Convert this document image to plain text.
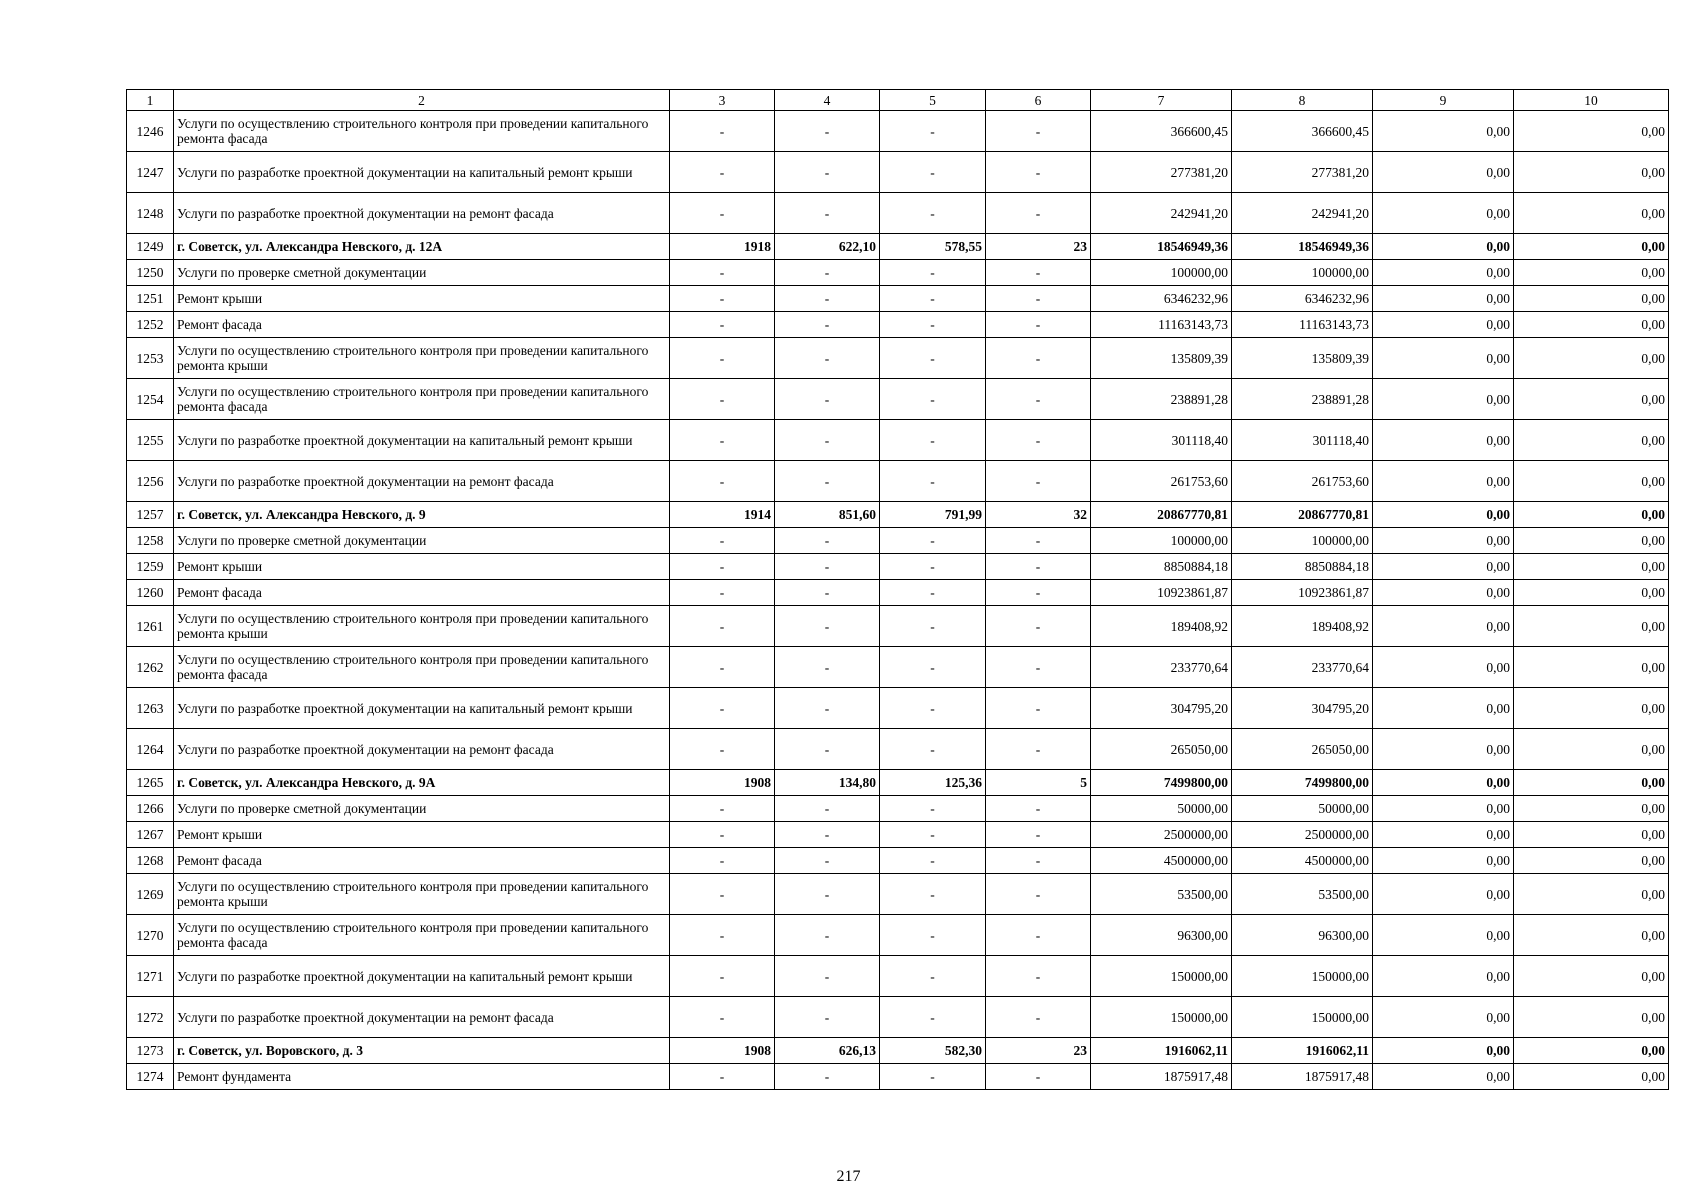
1	2	3	4	5	6	7	8	9	10
1246	Услуги по осуществлению строительного контроля при проведении капитального ремонта фасада	-	-	-	-	366600,45	366600,45	0,00	0,00
1247	Услуги по разработке проектной документации на капитальный ремонт крыши	-	-	-	-	277381,20	277381,20	0,00	0,00
1248	Услуги по разработке проектной документации на ремонт фасада	-	-	-	-	242941,20	242941,20	0,00	0,00
1249	г. Советск, ул. Александра Невского, д. 12А	1918	622,10	578,55	23	18546949,36	18546949,36	0,00	0,00
1250	Услуги по проверке сметной документации	-	-	-	-	100000,00	100000,00	0,00	0,00
1251	Ремонт крыши	-	-	-	-	6346232,96	6346232,96	0,00	0,00
1252	Ремонт фасада	-	-	-	-	11163143,73	11163143,73	0,00	0,00
1253	Услуги по осуществлению строительного контроля при проведении капитального ремонта крыши	-	-	-	-	135809,39	135809,39	0,00	0,00
1254	Услуги по осуществлению строительного контроля при проведении капитального ремонта фасада	-	-	-	-	238891,28	238891,28	0,00	0,00
1255	Услуги по разработке проектной документации на капитальный ремонт крыши	-	-	-	-	301118,40	301118,40	0,00	0,00
1256	Услуги по разработке проектной документации на ремонт фасада	-	-	-	-	261753,60	261753,60	0,00	0,00
1257	г. Советск, ул. Александра Невского, д. 9	1914	851,60	791,99	32	20867770,81	20867770,81	0,00	0,00
1258	Услуги по проверке сметной документации	-	-	-	-	100000,00	100000,00	0,00	0,00
1259	Ремонт крыши	-	-	-	-	8850884,18	8850884,18	0,00	0,00
1260	Ремонт фасада	-	-	-	-	10923861,87	10923861,87	0,00	0,00
1261	Услуги по осуществлению строительного контроля при проведении капитального ремонта крыши	-	-	-	-	189408,92	189408,92	0,00	0,00
1262	Услуги по осуществлению строительного контроля при проведении капитального ремонта фасада	-	-	-	-	233770,64	233770,64	0,00	0,00
1263	Услуги по разработке проектной документации на капитальный ремонт крыши	-	-	-	-	304795,20	304795,20	0,00	0,00
1264	Услуги по разработке проектной документации на ремонт фасада	-	-	-	-	265050,00	265050,00	0,00	0,00
1265	г. Советск, ул. Александра Невского, д. 9А	1908	134,80	125,36	5	7499800,00	7499800,00	0,00	0,00
1266	Услуги по проверке сметной документации	-	-	-	-	50000,00	50000,00	0,00	0,00
1267	Ремонт крыши	-	-	-	-	2500000,00	2500000,00	0,00	0,00
1268	Ремонт фасада	-	-	-	-	4500000,00	4500000,00	0,00	0,00
1269	Услуги по осуществлению строительного контроля при проведении капитального ремонта крыши	-	-	-	-	53500,00	53500,00	0,00	0,00
1270	Услуги по осуществлению строительного контроля при проведении капитального ремонта фасада	-	-	-	-	96300,00	96300,00	0,00	0,00
1271	Услуги по разработке проектной документации на капитальный ремонт крыши	-	-	-	-	150000,00	150000,00	0,00	0,00
1272	Услуги по разработке проектной документации на ремонт фасада	-	-	-	-	150000,00	150000,00	0,00	0,00
1273	г. Советск, ул. Воровского, д. 3	1908	626,13	582,30	23	1916062,11	1916062,11	0,00	0,00
1274	Ремонт фундамента	-	-	-	-	1875917,48	1875917,48	0,00	0,00
217
